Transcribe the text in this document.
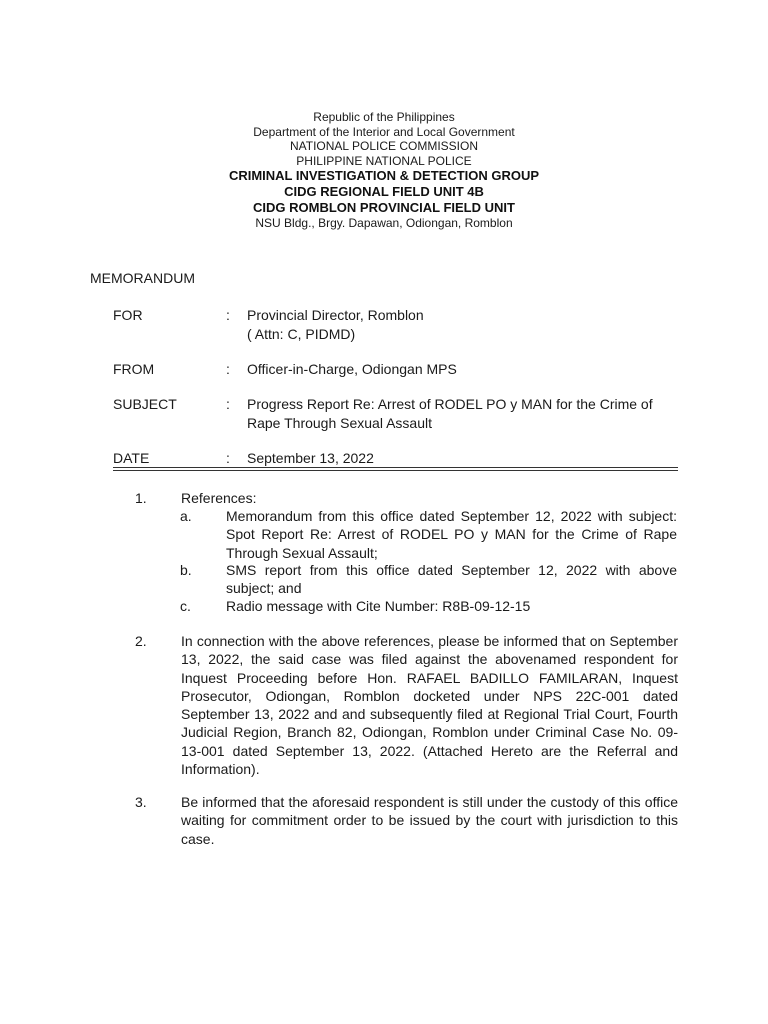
Republic of the Philippines
Department of the Interior and Local Government
NATIONAL POLICE COMMISSION
PHILIPPINE NATIONAL POLICE
CRIMINAL INVESTIGATION & DETECTION GROUP
CIDG REGIONAL FIELD UNIT 4B
CIDG ROMBLON PROVINCIAL FIELD UNIT
NSU Bldg., Brgy. Dapawan, Odiongan, Romblon
MEMORANDUM
FOR	: Provincial Director, Romblon
( Attn: C, PIDMD)
FROM	: Officer-in-Charge, Odiongan MPS
SUBJECT	: Progress Report Re: Arrest of RODEL PO y MAN for the Crime of Rape Through Sexual Assault
DATE	: September 13, 2022
1. References:
a. Memorandum from this office dated September 12, 2022 with subject: Spot Report Re: Arrest of RODEL PO y MAN for the Crime of Rape Through Sexual Assault;
b. SMS report from this office dated September 12, 2022 with above subject; and
c.	Radio message with Cite Number: R8B-09-12-15
2. In connection with the above references, please be informed that on September 13, 2022, the said case was filed against the abovenamed respondent for Inquest Proceeding before Hon. RAFAEL BADILLO FAMILARAN, Inquest Prosecutor, Odiongan, Romblon docketed under NPS 22C-001 dated September 13, 2022 and and subsequently filed at Regional Trial Court, Fourth Judicial Region, Branch 82, Odiongan, Romblon under Criminal Case No. 09-13-001 dated September 13, 2022. (Attached Hereto are the Referral and Information).
3. Be informed that the aforesaid respondent is still under the custody of this office waiting for commitment order to be issued by the court with jurisdiction to this case.
